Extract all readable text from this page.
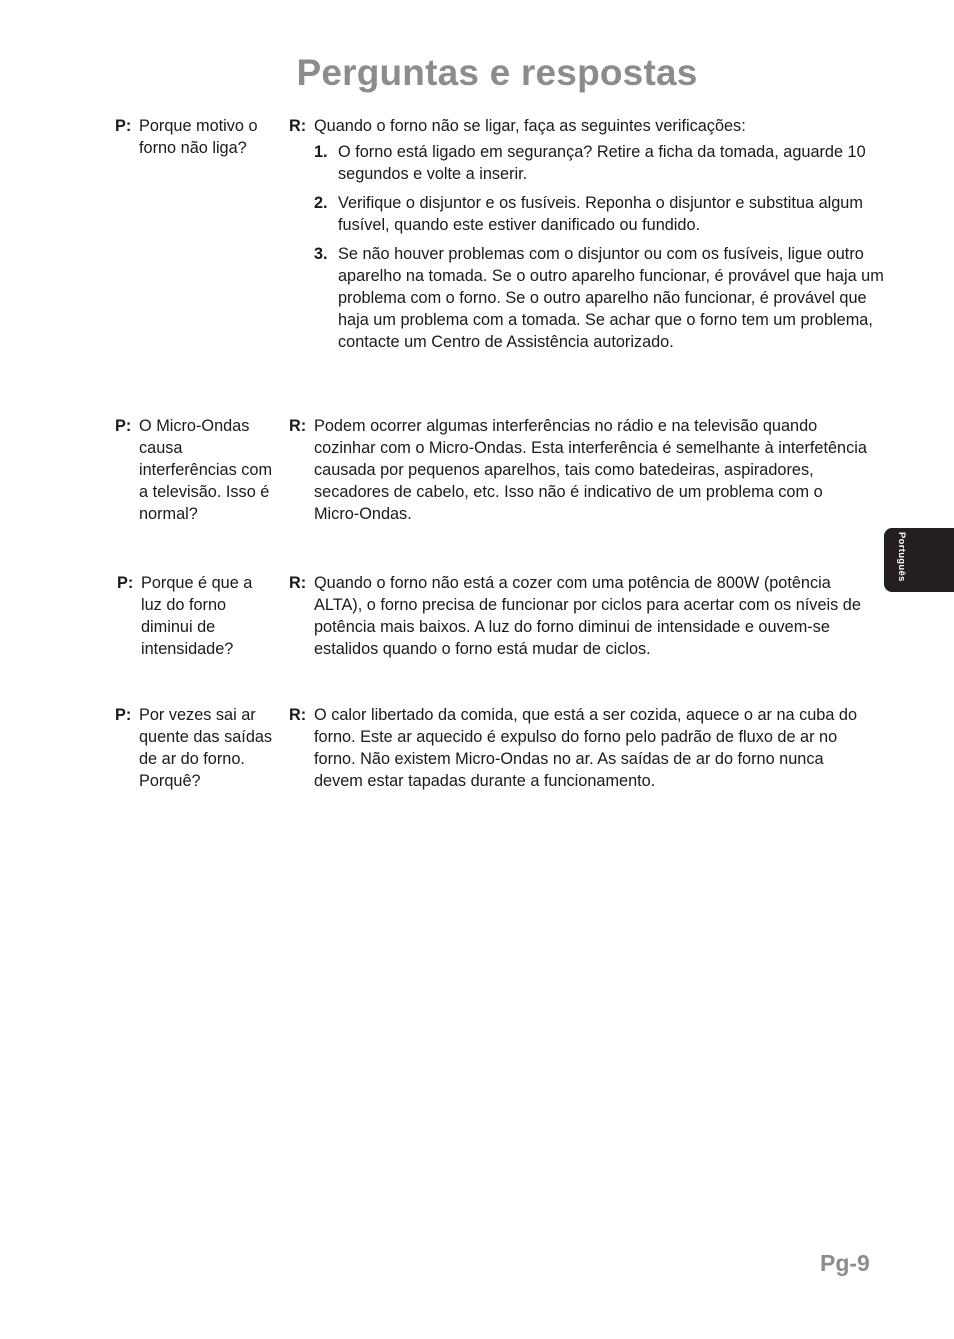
Perguntas e respostas
P: Porque motivo o forno não liga?
R: Quando o forno não se ligar, faça as seguintes verificações:
1. O forno está ligado em segurança? Retire a ficha da tomada, aguarde 10 segundos e volte a inserir.
2. Verifique o disjuntor e os fusíveis. Reponha o disjuntor e substitua algum fusível, quando este estiver danificado ou fundido.
3. Se não houver problemas com o disjuntor ou com os fusíveis, ligue outro aparelho na tomada. Se o outro aparelho funcionar, é provável que haja um problema com o forno. Se o outro aparelho não funcionar, é provável que haja um problema com a tomada. Se achar que o forno tem um problema, contacte um Centro de Assistência autorizado.
P: O Micro-Ondas causa interferências com a televisão. Isso é normal?
R: Podem ocorrer algumas interferências no rádio e na televisão quando cozinhar com o Micro-Ondas. Esta interferência é semelhante à interfetência causada por pequenos aparelhos, tais como batedeiras, aspiradores, secadores de cabelo, etc. Isso não é indicativo de um problema com o Micro-Ondas.
P: Porque é que a luz do forno diminui de intensidade?
R: Quando o forno não está a cozer com uma potência de 800W (potência ALTA), o forno precisa de funcionar por ciclos para acertar com os níveis de potência mais baixos. A luz do forno diminui de intensidade e ouvem-se estalidos quando o forno está mudar de ciclos.
P: Por vezes sai ar quente das saídas de ar do forno. Porquê?
R: O calor libertado da comida, que está a ser cozida, aquece o ar na cuba do forno. Este ar aquecido é expulso do forno pelo padrão de fluxo de ar no forno. Não existem Micro-Ondas no ar. As saídas de ar do forno nunca devem estar tapadas durante a funcionamento.
Português
Pg-9
